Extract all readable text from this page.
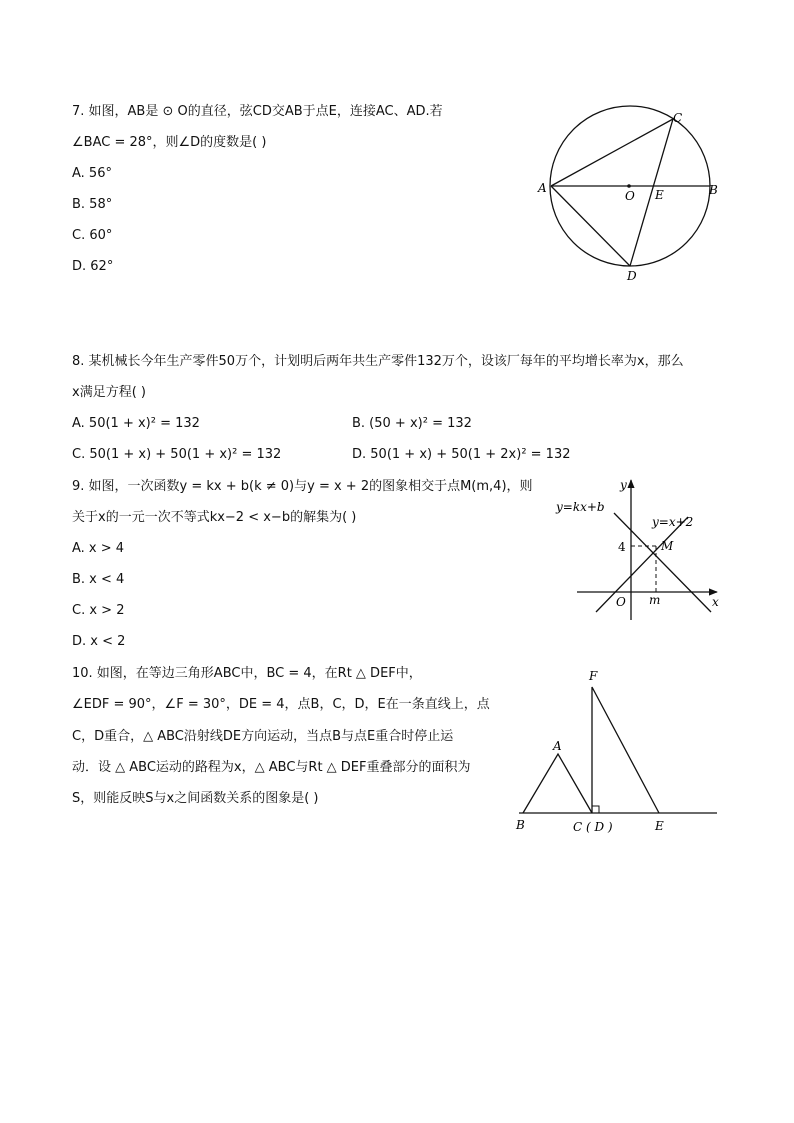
7. 如图，AB是 ⊙ O的直径，弦CD交AB于点E，连接AC、AD.若
∠BAC = 28°，则∠D的度数是( )
A. 56°
B. 58°
C. 60°
D. 62°
A	B
C
D
O E
8. 某机械长今年生产零件50万个，计划明后两年共生产零件132万个，设该厂每年的平均增长率为x，那么
x满足方程( )
A. 50(1 + x)² = 132	B. (50 + x)² = 132
C. 50(1 + x) + 50(1 + x)² = 132	D. 50(1 + x) + 50(1 + 2x)² = 132
9. 如图，一次函数y = kx + b(k ≠ 0)与y = x + 2的图象相交于点M(m,4)，则
关于x的一元一次不等式kx−2 < x−b的解集为( )
A. x > 4
B. x < 4
C. x > 2
D. x < 2
y
x
y=kx+b
y=x+2
4	M
O m
10. 如图，在等边三角形ABC中，BC = 4，在Rt △ DEF中，
∠EDF = 90°，∠F = 30°，DE = 4，点B，C，D，E在一条直线上，点
C，D重合，△ ABC沿射线DE方向运动，当点B与点E重合时停止运
动．设 △ ABC运动的路程为x，△ ABC与Rt △ DEF重叠部分的面积为
S，则能反映S与x之间函数关系的图象是( )
F
A
B	C ( D )	E
